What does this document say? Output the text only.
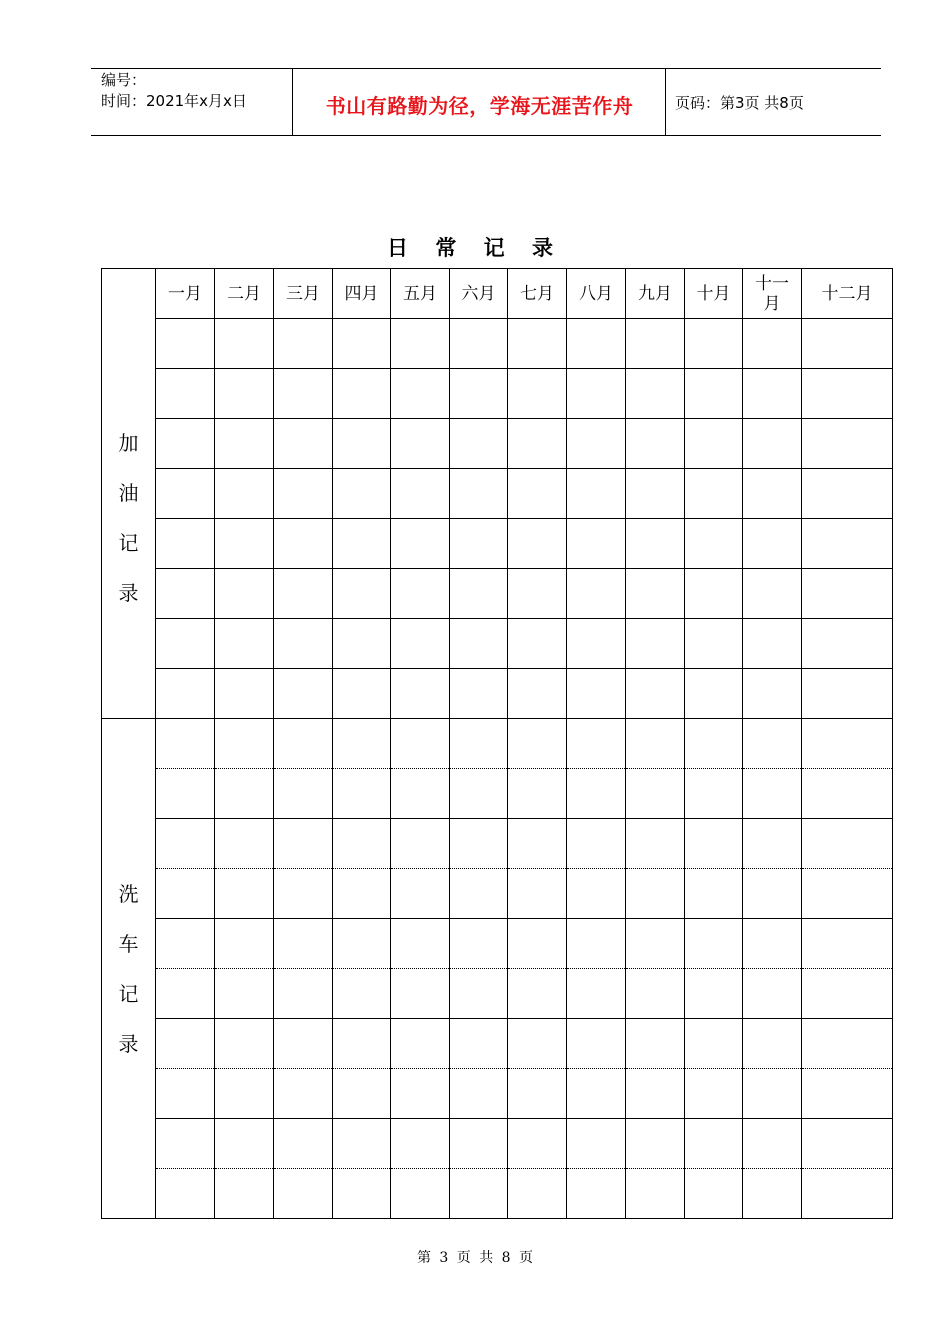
编号：
时间：2021年x月x日	书山有路勤为径，学海无涯苦作舟	页码：第3页 共8页
日 常 记 录
	一月	二月	三月	四月	五月	六月	七月	八月	九月	十月	十一月	十二月
加油记录												

洗车记录												

第 3 页 共 8 页
